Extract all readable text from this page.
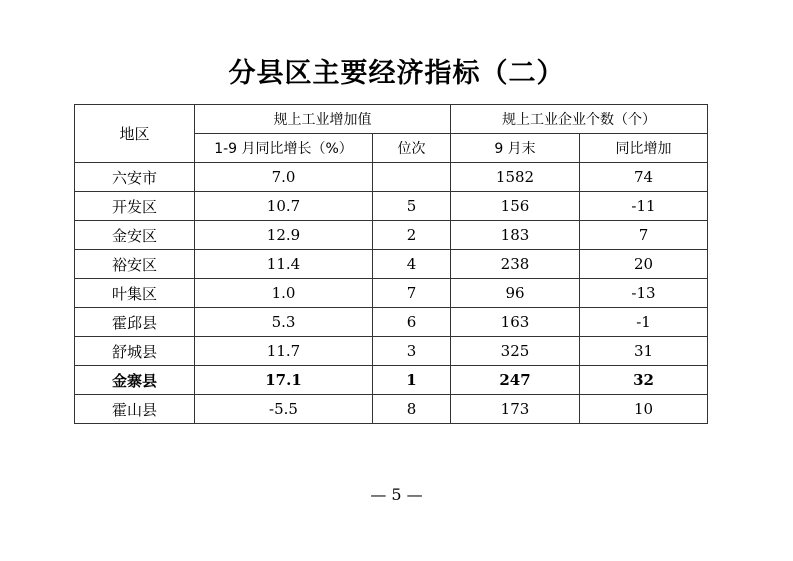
分县区主要经济指标（二）
地区	规上工业增加值		规上工业企业个数（个）	
	1-9 月同比增长（%）	位次	9 月末	同比增加
六安市	7.0		1582	74
开发区	10.7	5	156	-11
金安区	12.9	2	183	7
裕安区	11.4	4	238	20
叶集区	1.0	7	96	-13
霍邱县	5.3	6	163	-1
舒城县	11.7	3	325	31
金寨县	17.1	1	247	32
霍山县	-5.5	8	173	10
— 5 —
